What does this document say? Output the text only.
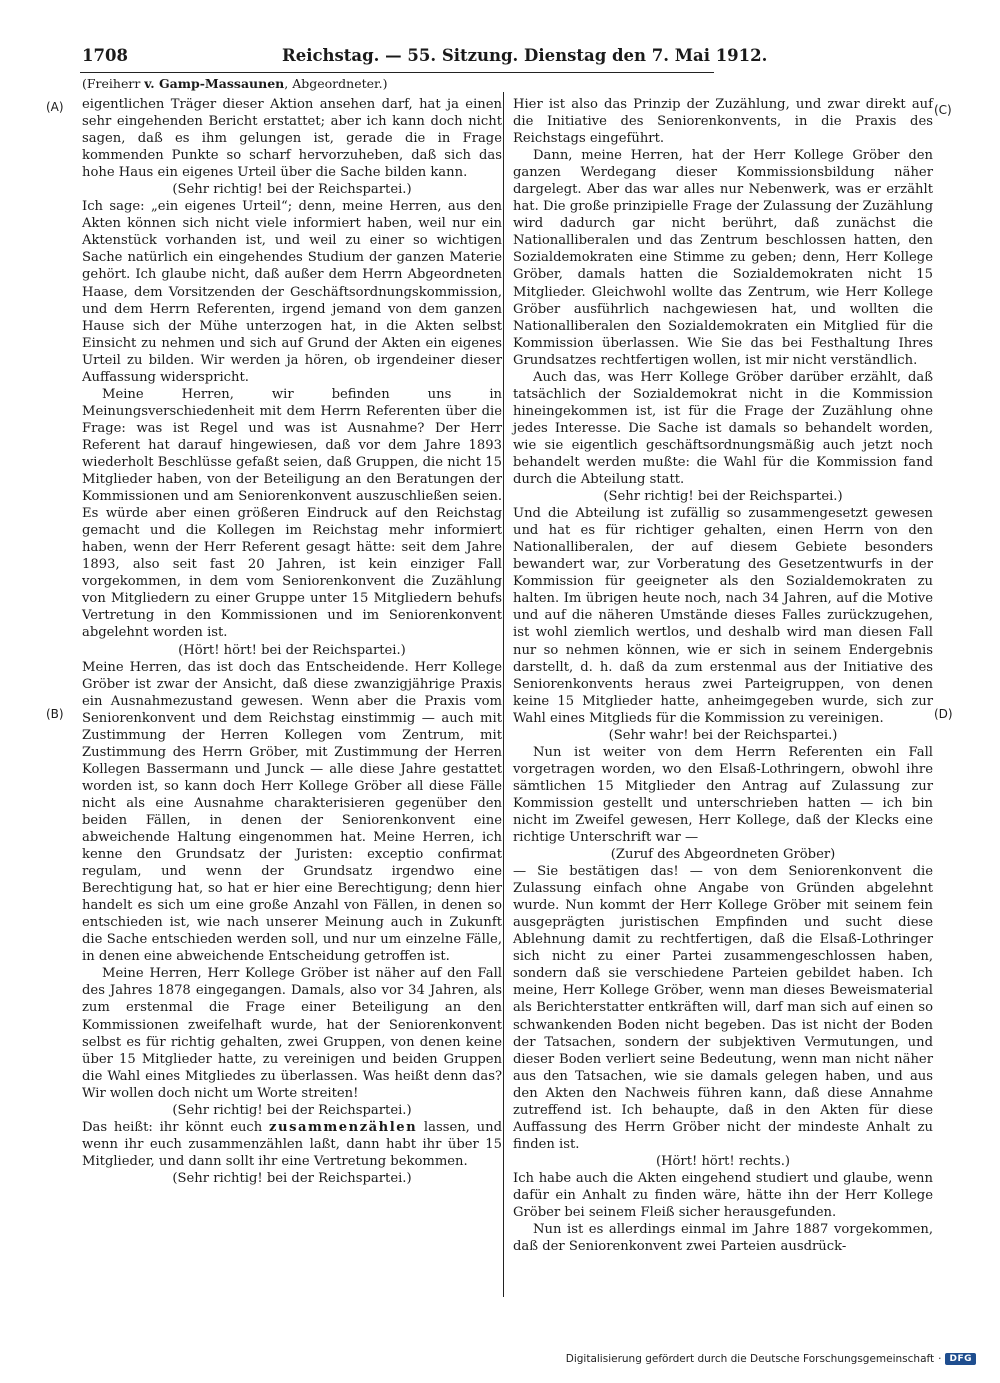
1708	Reichstag. — 55. Sitzung. Dienstag den 7. Mai 1912.
(Freiherr v. Gamp-Massaunen, Abgeordneter.)
(A)
(B)
(C)
(D)

eigentlichen Träger dieser Aktion ansehen darf, hat ja einen sehr eingehenden Bericht erstattet; aber ich kann doch nicht sagen, daß es ihm gelungen ist, gerade die in Frage kommenden Punkte so scharf hervorzuheben, daß sich das hohe Haus ein eigenes Urteil über die Sache bilden kann.

(Sehr richtig! bei der Reichspartei.)

Ich sage: „ein eigenes Urteil“; denn, meine Herren, aus den Akten können sich nicht viele informiert haben, weil nur ein Aktenstück vorhanden ist, und weil zu einer so wichtigen Sache natürlich ein eingehendes Studium der ganzen Materie gehört. Ich glaube nicht, daß außer dem Herrn Abgeordneten Haase, dem Vorsitzenden der Geschäftsordnungskommission, und dem Herrn Referenten, irgend jemand von dem ganzen Hause sich der Mühe unterzogen hat, in die Akten selbst Einsicht zu nehmen und sich auf Grund der Akten ein eigenes Urteil zu bilden. Wir werden ja hören, ob irgendeiner dieser Auffassung widerspricht.

Meine Herren, wir befinden uns in Meinungsverschiedenheit mit dem Herrn Referenten über die Frage: was ist Regel und was ist Ausnahme? Der Herr Referent hat darauf hingewiesen, daß vor dem Jahre 1893 wiederholt Beschlüsse gefaßt seien, daß Gruppen, die nicht 15 Mitglieder haben, von der Beteiligung an den Beratungen der Kommissionen und am Seniorenkonvent auszuschließen seien. Es würde aber einen größeren Eindruck auf den Reichstag gemacht und die Kollegen im Reichstag mehr informiert haben, wenn der Herr Referent gesagt hätte: seit dem Jahre 1893, also seit fast 20 Jahren, ist kein einziger Fall vorgekommen, in dem vom Seniorenkonvent die Zuzählung von Mitgliedern zu einer Gruppe unter 15 Mitgliedern behufs Vertretung in den Kommissionen und im Seniorenkonvent abgelehnt worden ist.

(Hört! hört! bei der Reichspartei.)

Meine Herren, das ist doch das Entscheidende. Herr Kollege Gröber ist zwar der Ansicht, daß diese zwanzigjährige Praxis ein Ausnahmezustand gewesen. Wenn aber die Praxis vom Seniorenkonvent und dem Reichstag einstimmig — auch mit Zustimmung der Herren Kollegen vom Zentrum, mit Zustimmung des Herrn Gröber, mit Zustimmung der Herren Kollegen Bassermann und Junck — alle diese Jahre gestattet worden ist, so kann doch Herr Kollege Gröber all diese Fälle nicht als eine Ausnahme charakterisieren gegenüber den beiden Fällen, in denen der Seniorenkonvent eine abweichende Haltung eingenommen hat. Meine Herren, ich kenne den Grundsatz der Juristen: exceptio confirmat regulam, und wenn der Grundsatz irgendwo eine Berechtigung hat, so hat er hier eine Berechtigung; denn hier handelt es sich um eine große Anzahl von Fällen, in denen so entschieden ist, wie nach unserer Meinung auch in Zukunft die Sache entschieden werden soll, und nur um einzelne Fälle, in denen eine abweichende Entscheidung getroffen ist.

Meine Herren, Herr Kollege Gröber ist näher auf den Fall des Jahres 1878 eingegangen. Damals, also vor 34 Jahren, als zum erstenmal die Frage einer Beteiligung an den Kommissionen zweifelhaft wurde, hat der Seniorenkonvent selbst es für richtig gehalten, zwei Gruppen, von denen keine über 15 Mitglieder hatte, zu vereinigen und beiden Gruppen die Wahl eines Mitgliedes zu überlassen. Was heißt denn das? Wir wollen doch nicht um Worte streiten!

(Sehr richtig! bei der Reichspartei.)

Das heißt: ihr könnt euch zusammenzählen lassen, und wenn ihr euch zusammenzählen laßt, dann habt ihr über 15 Mitglieder, und dann sollt ihr eine Vertretung bekommen.

(Sehr richtig! bei der Reichspartei.)

Hier ist also das Prinzip der Zuzählung, und zwar direkt auf die Initiative des Seniorenkonvents, in die Praxis des Reichstags eingeführt.

Dann, meine Herren, hat der Herr Kollege Gröber den ganzen Werdegang dieser Kommissionsbildung näher dargelegt. Aber das war alles nur Nebenwerk, was er erzählt hat. Die große prinzipielle Frage der Zulassung der Zuzählung wird dadurch gar nicht berührt, daß zunächst die Nationalliberalen und das Zentrum beschlossen hatten, den Sozialdemokraten eine Stimme zu geben; denn, Herr Kollege Gröber, damals hatten die Sozialdemokraten nicht 15 Mitglieder. Gleichwohl wollte das Zentrum, wie Herr Kollege Gröber ausführlich nachgewiesen hat, und wollten die Nationalliberalen den Sozialdemokraten ein Mitglied für die Kommission überlassen. Wie Sie das bei Festhaltung Ihres Grundsatzes rechtfertigen wollen, ist mir nicht verständlich.

Auch das, was Herr Kollege Gröber darüber erzählt, daß tatsächlich der Sozialdemokrat nicht in die Kommission hineingekommen ist, ist für die Frage der Zuzählung ohne jedes Interesse. Die Sache ist damals so behandelt worden, wie sie eigentlich geschäftsordnungsmäßig auch jetzt noch behandelt werden mußte: die Wahl für die Kommission fand durch die Abteilung statt.

(Sehr richtig! bei der Reichspartei.)

Und die Abteilung ist zufällig so zusammengesetzt gewesen und hat es für richtiger gehalten, einen Herrn von den Nationalliberalen, der auf diesem Gebiete besonders bewandert war, zur Vorberatung des Gesetzentwurfs in der Kommission für geeigneter als den Sozialdemokraten zu halten. Im übrigen heute noch, nach 34 Jahren, auf die Motive und auf die näheren Umstände dieses Falles zurückzugehen, ist wohl ziemlich wertlos, und deshalb wird man diesen Fall nur so nehmen können, wie er sich in seinem Endergebnis darstellt, d. h. daß da zum erstenmal aus der Initiative des Seniorenkonvents heraus zwei Parteigruppen, von denen keine 15 Mitglieder hatte, anheimgegeben wurde, sich zur Wahl eines Mitglieds für die Kommission zu vereinigen.

(Sehr wahr! bei der Reichspartei.)

Nun ist weiter von dem Herrn Referenten ein Fall vorgetragen worden, wo den Elsaß-Lothringern, obwohl ihre sämtlichen 15 Mitglieder den Antrag auf Zulassung zur Kommission gestellt und unterschrieben hatten — ich bin nicht im Zweifel gewesen, Herr Kollege, daß der Klecks eine richtige Unterschrift war —

(Zuruf des Abgeordneten Gröber)

— Sie bestätigen das! — von dem Seniorenkonvent die Zulassung einfach ohne Angabe von Gründen abgelehnt wurde. Nun kommt der Herr Kollege Gröber mit seinem fein ausgeprägten juristischen Empfinden und sucht diese Ablehnung damit zu rechtfertigen, daß die Elsaß-Lothringer sich nicht zu einer Partei zusammengeschlossen haben, sondern daß sie verschiedene Parteien gebildet haben. Ich meine, Herr Kollege Gröber, wenn man dieses Beweismaterial als Berichterstatter entkräften will, darf man sich auf einen so schwankenden Boden nicht begeben. Das ist nicht der Boden der Tatsachen, sondern der subjektiven Vermutungen, und dieser Boden verliert seine Bedeutung, wenn man nicht näher aus den Tatsachen, wie sie damals gelegen haben, und aus den Akten den Nachweis führen kann, daß diese Annahme zutreffend ist. Ich behaupte, daß in den Akten für diese Auffassung des Herrn Gröber nicht der mindeste Anhalt zu finden ist.

(Hört! hört! rechts.)

Ich habe auch die Akten eingehend studiert und glaube, wenn dafür ein Anhalt zu finden wäre, hätte ihn der Herr Kollege Gröber bei seinem Fleiß sicher herausgefunden.

Nun ist es allerdings einmal im Jahre 1887 vorgekommen, daß der Seniorenkonvent zwei Parteien ausdrück-

Digitalisierung gefördert durch die Deutsche Forschungsgemeinschaft · DFG
